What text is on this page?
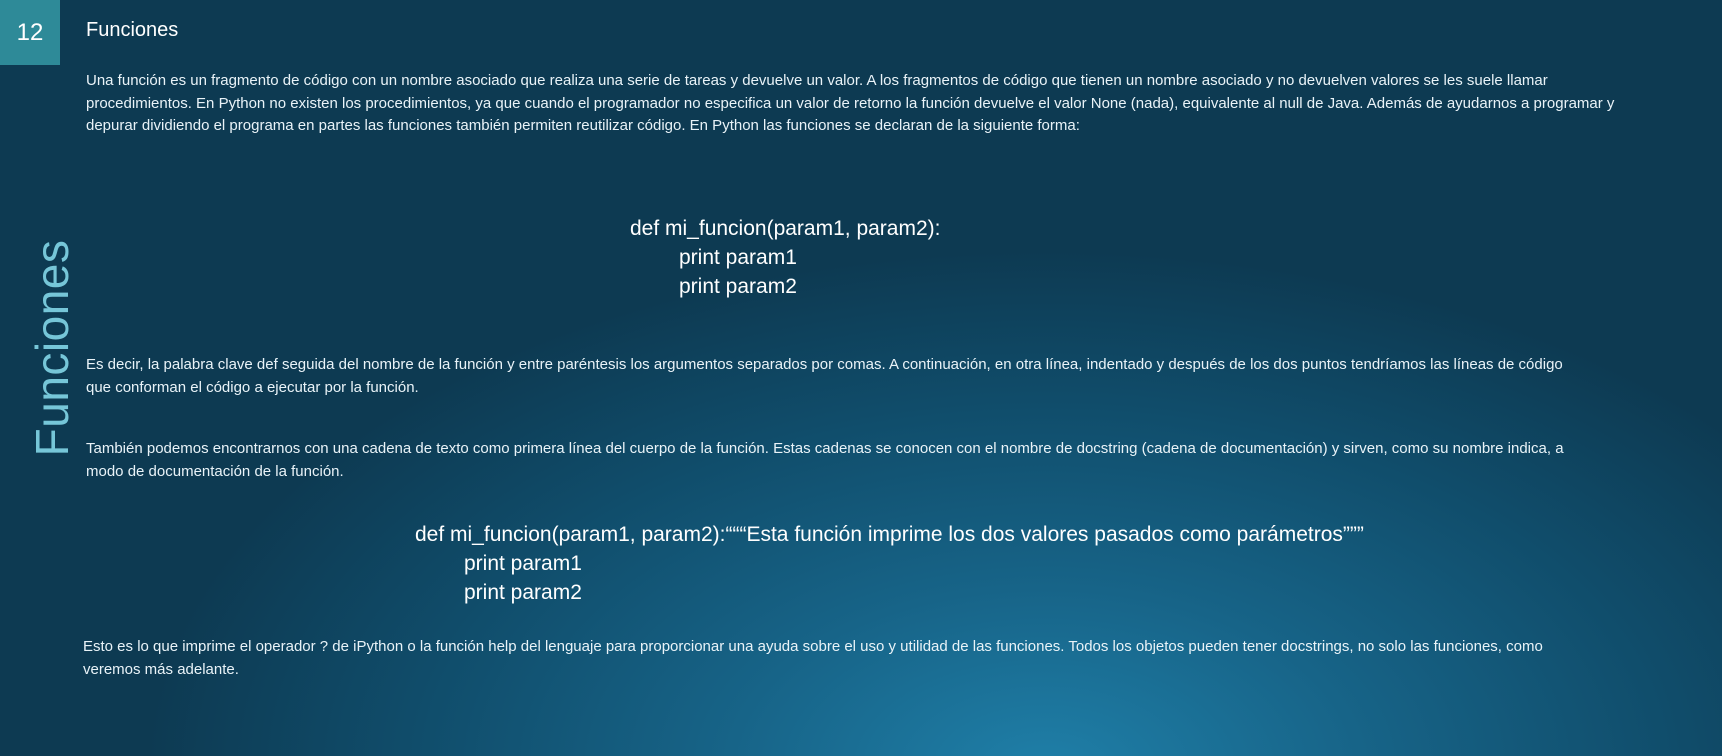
12
Funciones
Funciones
Una función es un fragmento de código con un nombre asociado que realiza una serie de tareas y devuelve un valor. A los fragmentos de código que tienen un nombre asociado y no devuelven valores se les suele llamar procedimientos. En Python no existen los procedimientos, ya que cuando el programador no especifica un valor de retorno la función devuelve el valor None (nada), equivalente al null de Java. Además de ayudarnos a programar y depurar dividiendo el programa en partes las funciones también permiten reutilizar código. En Python las funciones se declaran de la siguiente forma:
def mi_funcion(param1, param2):
print param1
print param2
Es decir, la palabra clave def seguida del nombre de la función y entre paréntesis los argumentos separados por comas. A continuación, en otra línea, indentado y después de los dos puntos tendríamos las líneas de código que conforman el código a ejecutar por la función.
También podemos encontrarnos con una cadena de texto como primera línea del cuerpo de la función. Estas cadenas se conocen con el nombre de docstring (cadena de documentación) y sirven, como su nombre indica, a modo de documentación de la función.
def mi_funcion(param1, param2):“““Esta función imprime los dos valores pasados como parámetros”””
print param1
print param2
Esto es lo que imprime el operador ? de iPython o la función help del lenguaje para proporcionar una ayuda sobre el uso y utilidad de las funciones. Todos los objetos pueden tener docstrings, no solo las funciones, como veremos más adelante.
